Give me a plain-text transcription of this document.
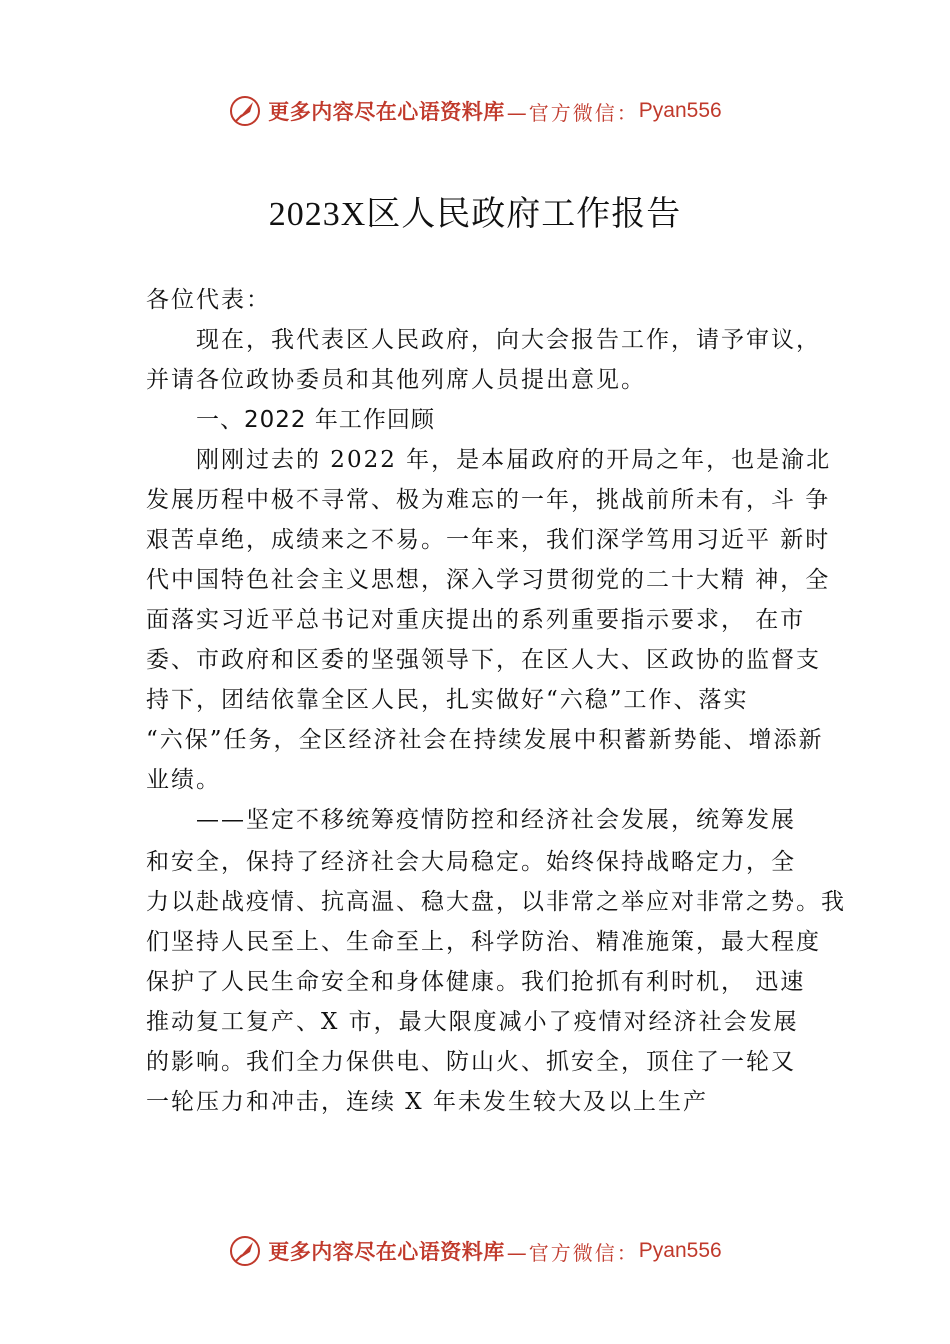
更多内容尽在心语资料库 —官方微信： Pyan556
2023X区人民政府工作报告
各位代表：
现在，我代表区人民政府，向大会报告工作，请予审议，
并请各位政协委员和其他列席人员提出意见。
一、2022 年工作回顾
刚刚过去的 2022 年，是本届政府的开局之年，也是渝北
发展历程中极不寻常、极为难忘的一年，挑战前所未有，斗 争
艰苦卓绝，成绩来之不易。一年来，我们深学笃用习近平 新时
代中国特色社会主义思想，深入学习贯彻党的二十大精 神，全
面落实习近平总书记对重庆提出的系列重要指示要求， 在市
委、市政府和区委的坚强领导下，在区人大、区政协的监督支
持下，团结依靠全区人民，扎实做好“六稳”工作、落实
“六保”任务，全区经济社会在持续发展中积蓄新势能、增添新
业绩。
——坚定不移统筹疫情防控和经济社会发展，统筹发展
和安全，保持了经济社会大局稳定。始终保持战略定力，全
力以赴战疫情、抗高温、稳大盘，以非常之举应对非常之势。我
们坚持人民至上、生命至上，科学防治、精准施策，最大程度
保护了人民生命安全和身体健康。我们抢抓有利时机， 迅速
推动复工复产、X 市，最大限度减小了疫情对经济社会发展
的影响。我们全力保供电、防山火、抓安全，顶住了一轮又
一轮压力和冲击，连续 X 年未发生较大及以上生产
更多内容尽在心语资料库 —官方微信： Pyan556
